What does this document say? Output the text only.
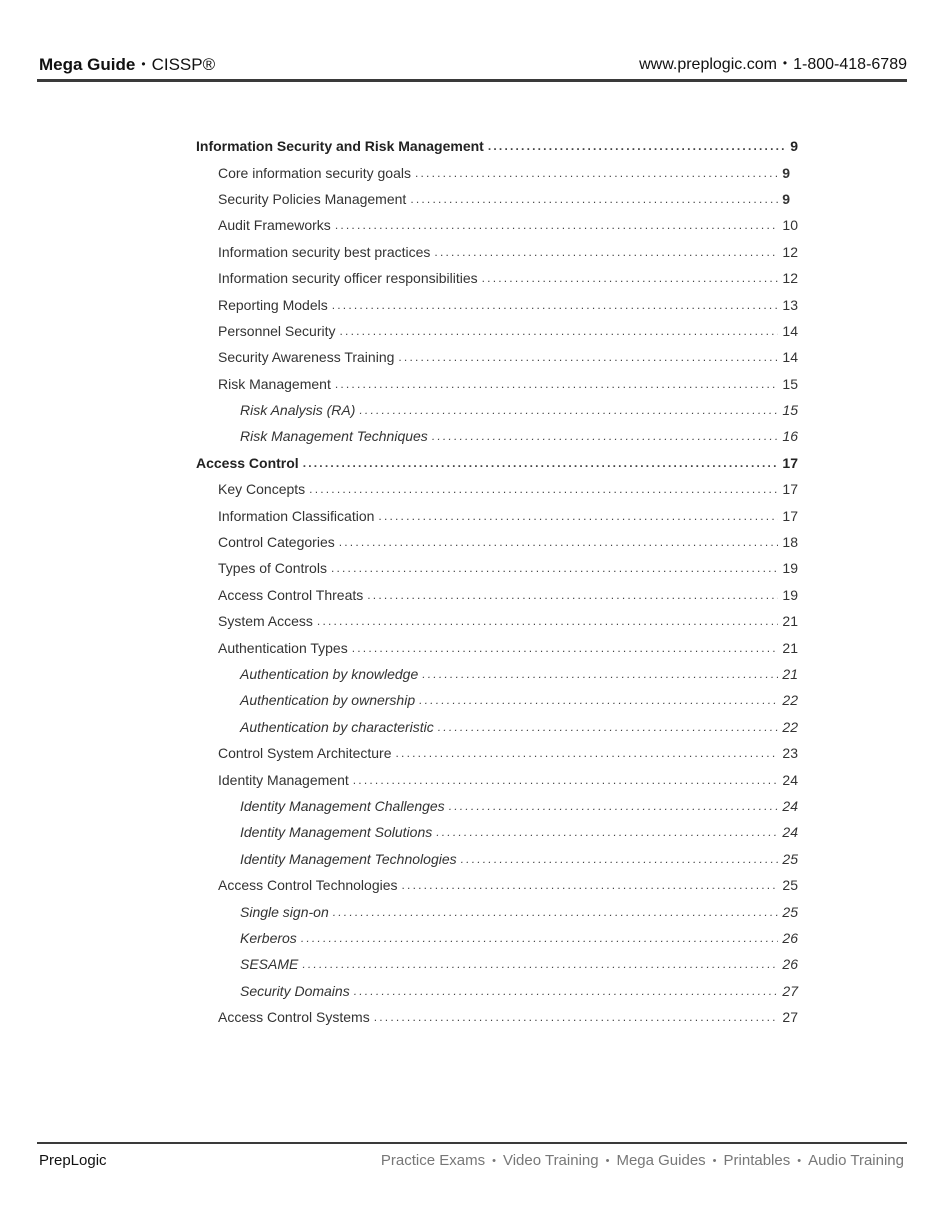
Mega Guide • CISSP®	www.preplogic.com • 1-800-418-6789
Information Security and Risk Management .....	9
Core information security goals .....	9
Security Policies Management .....	9
Audit Frameworks .....	10
Information security best practices .....	12
Information security officer responsibilities .....	12
Reporting Models .....	13
Personnel Security .....	14
Security Awareness Training .....	14
Risk Management .....	15
Risk Analysis (RA) .....	15
Risk Management Techniques .....	16
Access Control .....	17
Key Concepts .....	17
Information Classification .....	17
Control Categories .....	18
Types of Controls .....	19
Access Control Threats .....	19
System Access .....	21
Authentication Types .....	21
Authentication by knowledge .....	21
Authentication by ownership .....	22
Authentication by characteristic .....	22
Control System Architecture .....	23
Identity Management .....	24
Identity Management Challenges .....	24
Identity Management Solutions .....	24
Identity Management Technologies .....	25
Access Control Technologies .....	25
Single sign-on .....	25
Kerberos .....	26
SESAME .....	26
Security Domains .....	27
Access Control Systems .....	27
PrepLogic	Practice Exams • Video Training • Mega Guides • Printables • Audio Training
